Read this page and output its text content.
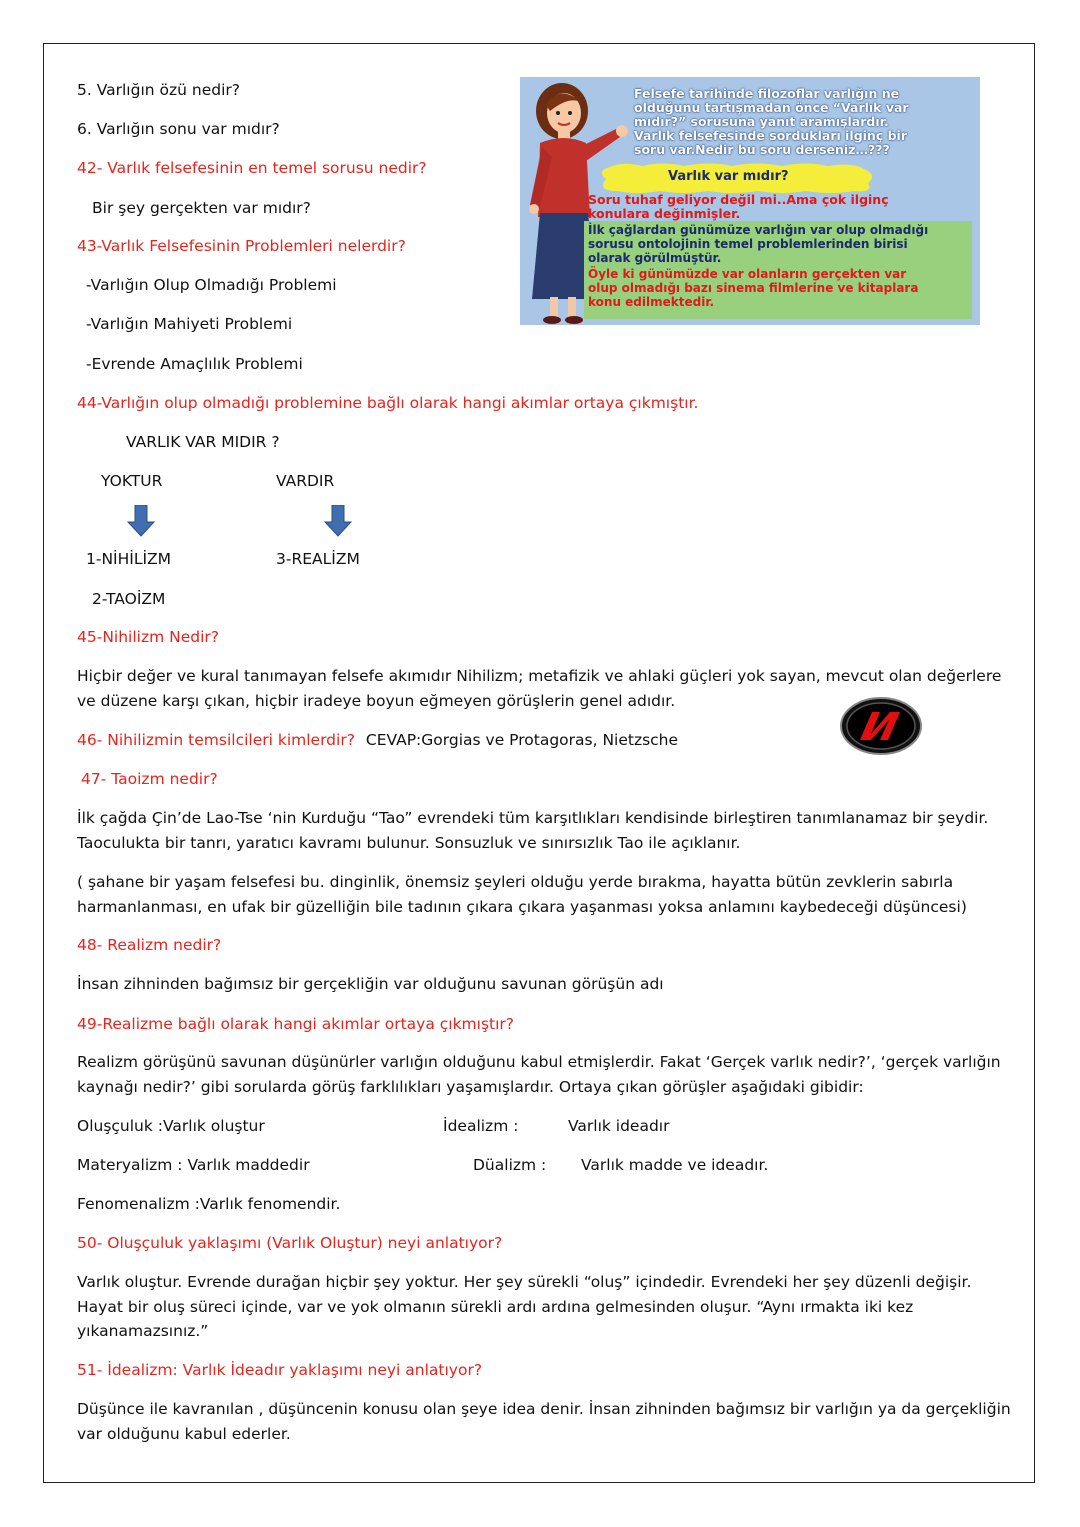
5. Varlığın özü nedir?
6. Varlığın sonu var mıdır?
42- Varlık felsefesinin en temel sorusu nedir?
Bir şey gerçekten var mıdır?
43-Varlık Felsefesinin Problemleri nelerdir?
-Varlığın Olup Olmadığı Problemi
-Varlığın Mahiyeti Problemi
-Evrende Amaçlılık Problemi
44-Varlığın olup olmadığı problemine bağlı olarak hangi akımlar ortaya çıkmıştır.
VARLIK VAR MIDIR ?
YOKTUR	VARDIR
1-NİHİLİZM	3-REALİZM
2-TAOİZM
45-Nihilizm Nedir?
Hiçbir değer ve kural tanımayan felsefe akımıdır Nihilizm; metafizik ve ahlaki güçleri yok sayan, mevcut olan değerlere ve düzene karşı çıkan, hiçbir iradeye boyun eğmeyen görüşlerin genel adıdır.
46- Nihilizmin temsilcileri kimlerdir? CEVAP:Gorgias ve Protagoras, Nietzsche
47- Taoizm nedir?
İlk çağda Çin’de Lao-Tse ‘nin Kurduğu “Tao” evrendeki tüm karşıtlıkları kendisinde birleştiren tanımlanamaz bir şeydir. Taoculukta bir tanrı, yaratıcı kavramı bulunur. Sonsuzluk ve sınırsızlık Tao ile açıklanır.
( şahane bir yaşam felsefesi bu. dinginlik, önemsiz şeyleri olduğu yerde bırakma, hayatta bütün zevklerin sabırla harmanlanması, en ufak bir güzelliğin bile tadının çıkara çıkara yaşanması yoksa anlamını kaybedeceği düşüncesi)
48- Realizm nedir?
İnsan zihninden bağımsız bir gerçekliğin var olduğunu savunan görüşün adı
49-Realizme bağlı olarak hangi akımlar ortaya çıkmıştır?
Realizm görüşünü savunan düşünürler varlığın olduğunu kabul etmişlerdir. Fakat ‘Gerçek varlık nedir?’, ‘gerçek varlığın kaynağı nedir?’ gibi sorularda görüş farklılıkları yaşamışlardır. Ortaya çıkan görüşler aşağıdaki gibidir:
Oluşçuluk :Varlık oluştur	İdealizm :	Varlık ideadır
Materyalizm : Varlık maddedir	Düalizm : Varlık madde ve ideadır.
Fenomenalizm :Varlık fenomendir.
50- Oluşçuluk yaklaşımı (Varlık Oluştur) neyi anlatıyor?
Varlık oluştur. Evrende durağan hiçbir şey yoktur. Her şey sürekli “oluş” içindedir. Evrendeki her şey düzenli değişir. Hayat bir oluş süreci içinde, var ve yok olmanın sürekli ardı ardına gelmesinden oluşur. “Aynı ırmakta iki kez yıkanamazsınız.”
51- İdealizm: Varlık İdeadır yaklaşımı neyi anlatıyor?
Düşünce ile kavranılan , düşüncenin konusu olan şeye idea denir. İnsan zihninden bağımsız bir varlığın ya da gerçekliğin var olduğunu kabul ederler.
Felsefe tarihinde filozoflar varlığın ne
olduğunu tartışmadan önce “Varlık var
mıdır?” sorusuna yanıt aramışlardır.
Varlık felsefesinde sordukları ilginç bir
soru var.Nedir bu soru derseniz…???
Varlık var mıdır?
Soru tuhaf geliyor değil mi..Ama çok ilginç
konulara değinmişler.
İlk çağlardan günümüze varlığın var olup olmadığı
sorusu ontolojinin temel problemlerinden birisi
olarak görülmüştür.
Öyle ki günümüzde var olanların gerçekten var
olup olmadığı bazı sinema filmlerine ve kitaplara
konu edilmektedir.
